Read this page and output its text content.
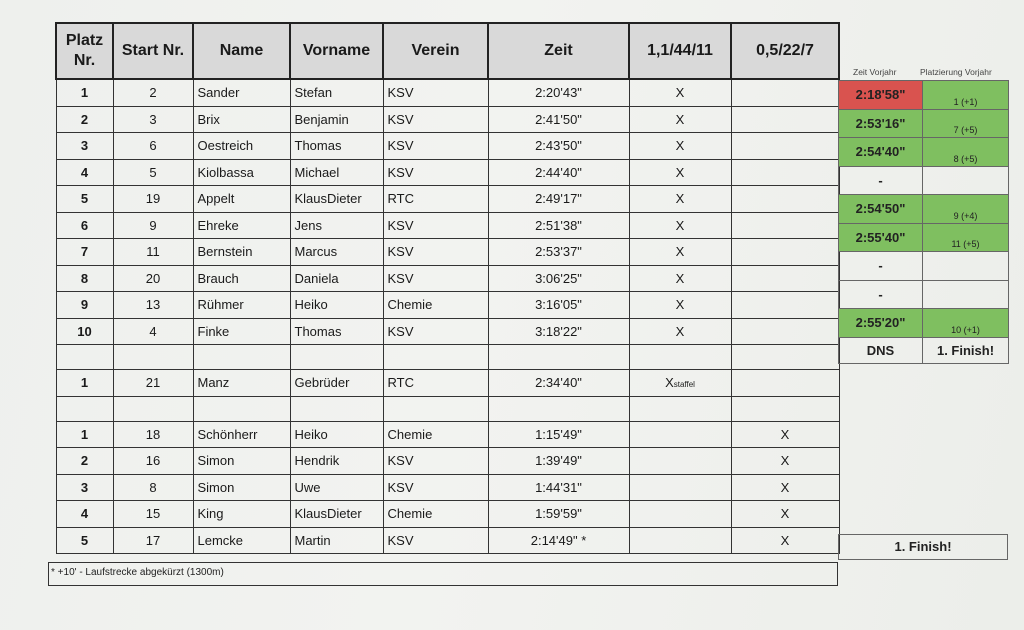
Platz Nr.	Start Nr.	Name	Vorname	Verein	Zeit	1,1/44/11	0,5/22/7
1	2	Sander	Stefan	KSV	2:20'43"	X	
2	3	Brix	Benjamin	KSV	2:41'50"	X	
3	6	Oestreich	Thomas	KSV	2:43'50"	X	
4	5	Kiolbassa	Michael	KSV	2:44'40"	X	
5	19	Appelt	KlausDieter	RTC	2:49'17"	X	
6	9	Ehreke	Jens	KSV	2:51'38"	X	
7	11	Bernstein	Marcus	KSV	2:53'37"	X	
8	20	Brauch	Daniela	KSV	3:06'25"	X	
9	13	Rühmer	Heiko	Chemie	3:16'05"	X	
10	4	Finke	Thomas	KSV	3:18'22"	X	

1	21	Manz	Gebrüder	RTC	2:34'40"	Xstaffel	

1	18	Schönherr	Heiko	Chemie	1:15'49"		X
2	16	Simon	Hendrik	KSV	1:39'49"		X
3	8	Simon	Uwe	KSV	1:44'31"		X
4	15	King	KlausDieter	Chemie	1:59'59"		X
5	17	Lemcke	Martin	KSV	2:14'49" *		X
* +10' - Laufstrecke abgekürzt (1300m)
Zeit Vorjahr	Platzierung Vorjahr
2:18'58"	1 (+1)
2:53'16"	7 (+5)
2:54'40"	8 (+5)
-	
2:54'50"	9 (+4)
2:55'40"	11 (+5)
-	
-	
2:55'20"	10 (+1)
DNS	1. Finish!
1. Finish!
